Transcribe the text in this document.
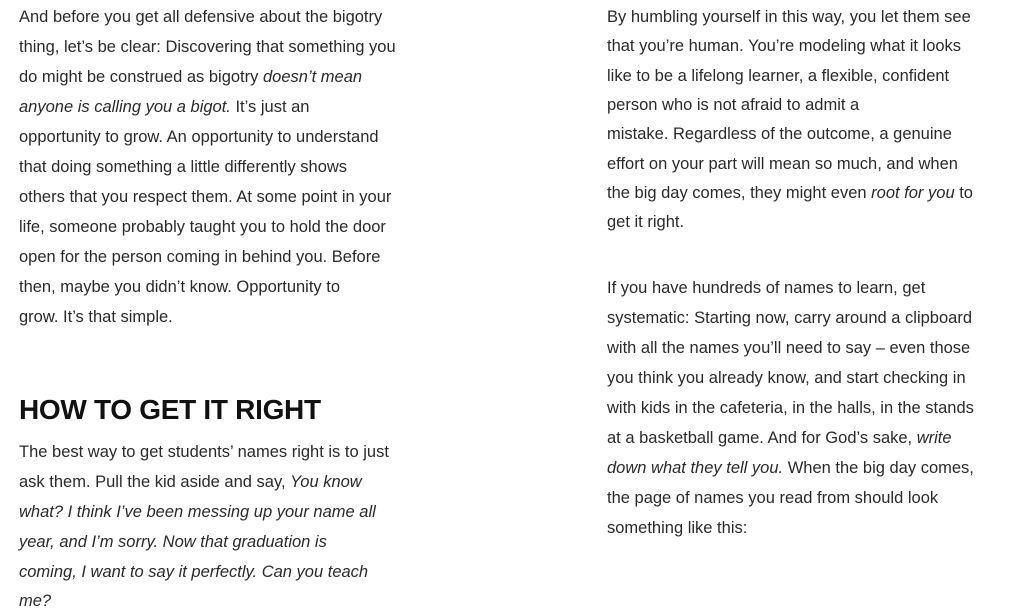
And before you get all defensive about the bigotry
thing, let’s be clear: Discovering that something you
do might be construed as bigotry doesn’t mean
anyone is calling you a bigot. It’s just an
opportunity to grow. An opportunity to understand
that doing something a little differently shows
others that you respect them. At some point in your
life, someone probably taught you to hold the door
open for the person coming in behind you. Before
then, maybe you didn’t know. Opportunity to
grow. It’s that simple.
HOW TO GET IT RIGHT
The best way to get students’ names right is to just
ask them. Pull the kid aside and say, You know
what? I think I’ve been messing up your name all
year, and I’m sorry. Now that graduation is
coming, I want to say it perfectly. Can you teach
me?
By humbling yourself in this way, you let them see
that you’re human. You’re modeling what it looks
like to be a lifelong learner, a flexible, confident
person who is not afraid to admit a
mistake. Regardless of the outcome, a genuine
effort on your part will mean so much, and when
the big day comes, they might even root for you to
get it right.
If you have hundreds of names to learn, get
systematic: Starting now, carry around a clipboard
with all the names you’ll need to say – even those
you think you already know, and start checking in
with kids in the cafeteria, in the halls, in the stands
at a basketball game. And for God’s sake, write
down what they tell you. When the big day comes,
the page of names you read from should look
something like this:
